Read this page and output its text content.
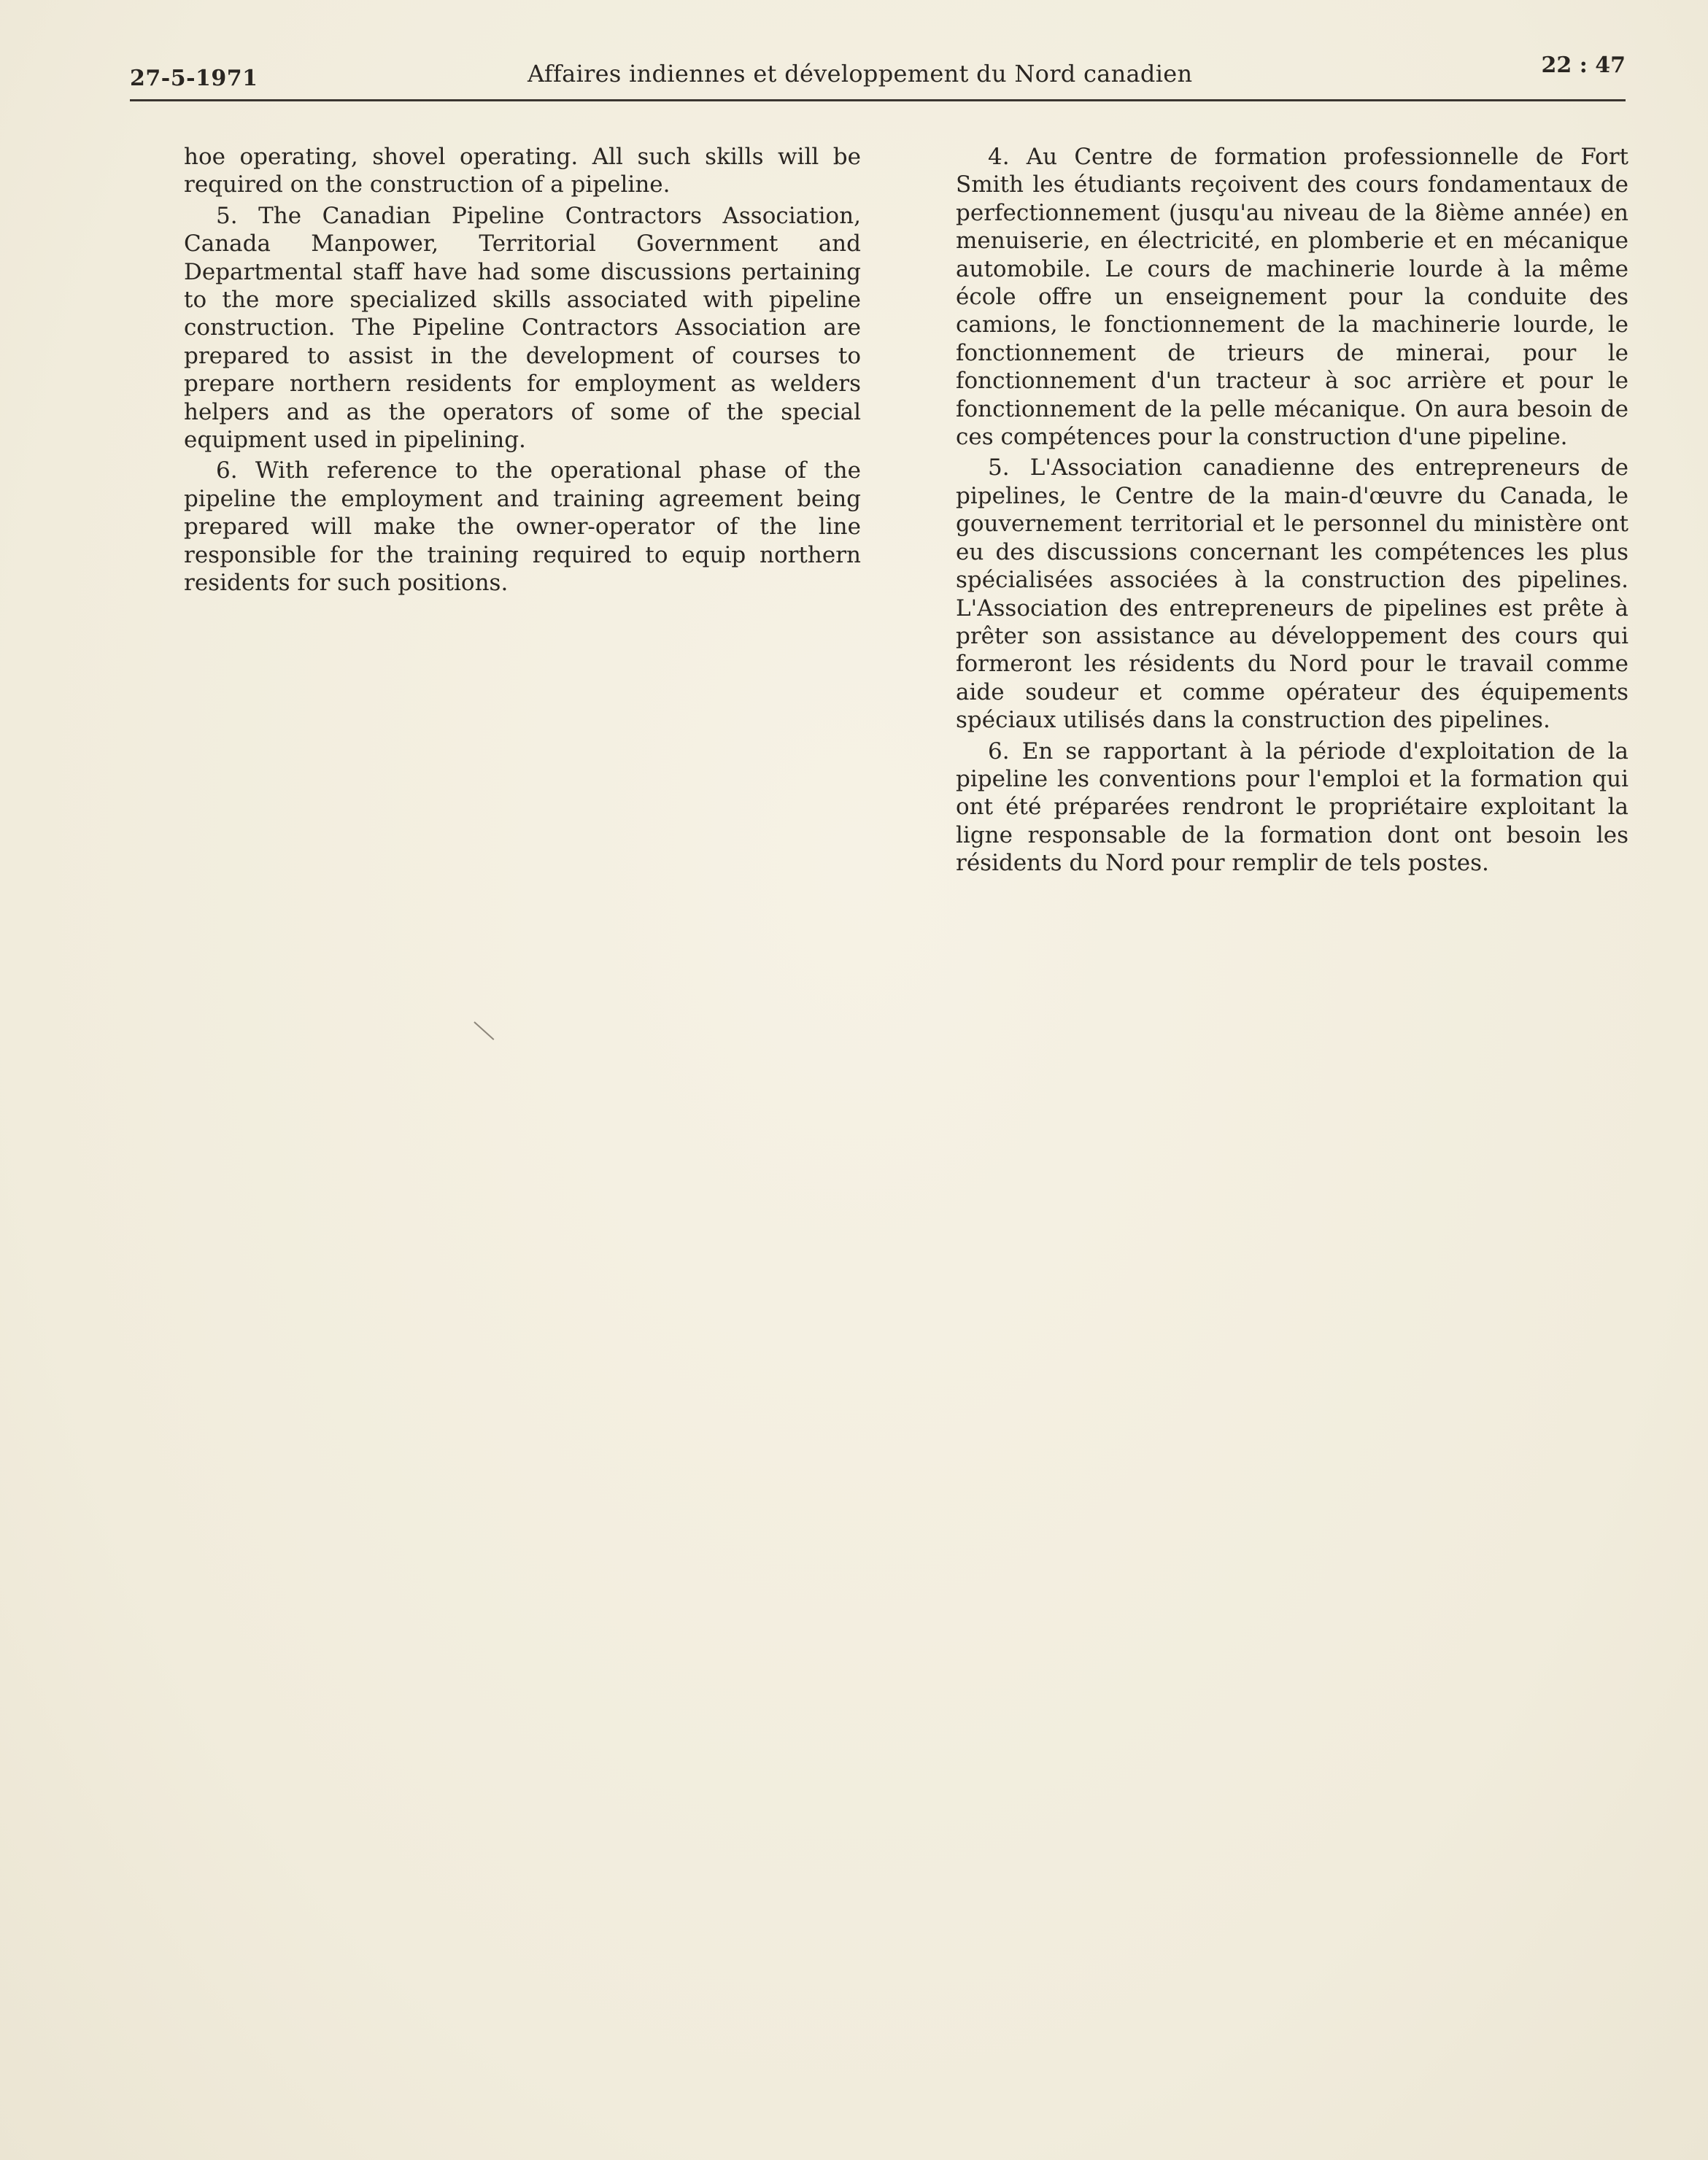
27-5-1971	Affaires indiennes et développement du Nord canadien	22 : 47

hoe operating, shovel operating. All such skills will be required on the construction of a pipeline.

5. The Canadian Pipeline Contractors Association, Canada Manpower, Territorial Government and Departmental staff have had some discussions pertaining to the more specialized skills associated with pipeline construction. The Pipeline Contractors Association are prepared to assist in the development of courses to prepare northern residents for employment as welders helpers and as the operators of some of the special equipment used in pipelining.

6. With reference to the operational phase of the pipeline the employment and training agreement being prepared will make the owner-operator of the line responsible for the training required to equip northern residents for such positions.

4. Au Centre de formation professionnelle de Fort Smith les étudiants reçoivent des cours fondamentaux de perfectionnement (jusqu'au niveau de la 8ième année) en menuiserie, en électricité, en plomberie et en mécanique automobile. Le cours de machinerie lourde à la même école offre un enseignement pour la conduite des camions, le fonctionnement de la machinerie lourde, le fonctionnement de trieurs de minerai, pour le fonctionnement d'un tracteur à soc arrière et pour le fonctionnement de la pelle mécanique. On aura besoin de ces compétences pour la construction d'une pipeline.

5. L'Association canadienne des entrepreneurs de pipelines, le Centre de la main-d'œuvre du Canada, le gouvernement territorial et le personnel du ministère ont eu des discussions concernant les compétences les plus spécialisées associées à la construction des pipelines. L'Association des entrepreneurs de pipelines est prête à prêter son assistance au développement des cours qui formeront les résidents du Nord pour le travail comme aide soudeur et comme opérateur des équipements spéciaux utilisés dans la construction des pipelines.

6. En se rapportant à la période d'exploitation de la pipeline les conventions pour l'emploi et la formation qui ont été préparées rendront le propriétaire exploitant la ligne responsable de la formation dont ont besoin les résidents du Nord pour remplir de tels postes.
